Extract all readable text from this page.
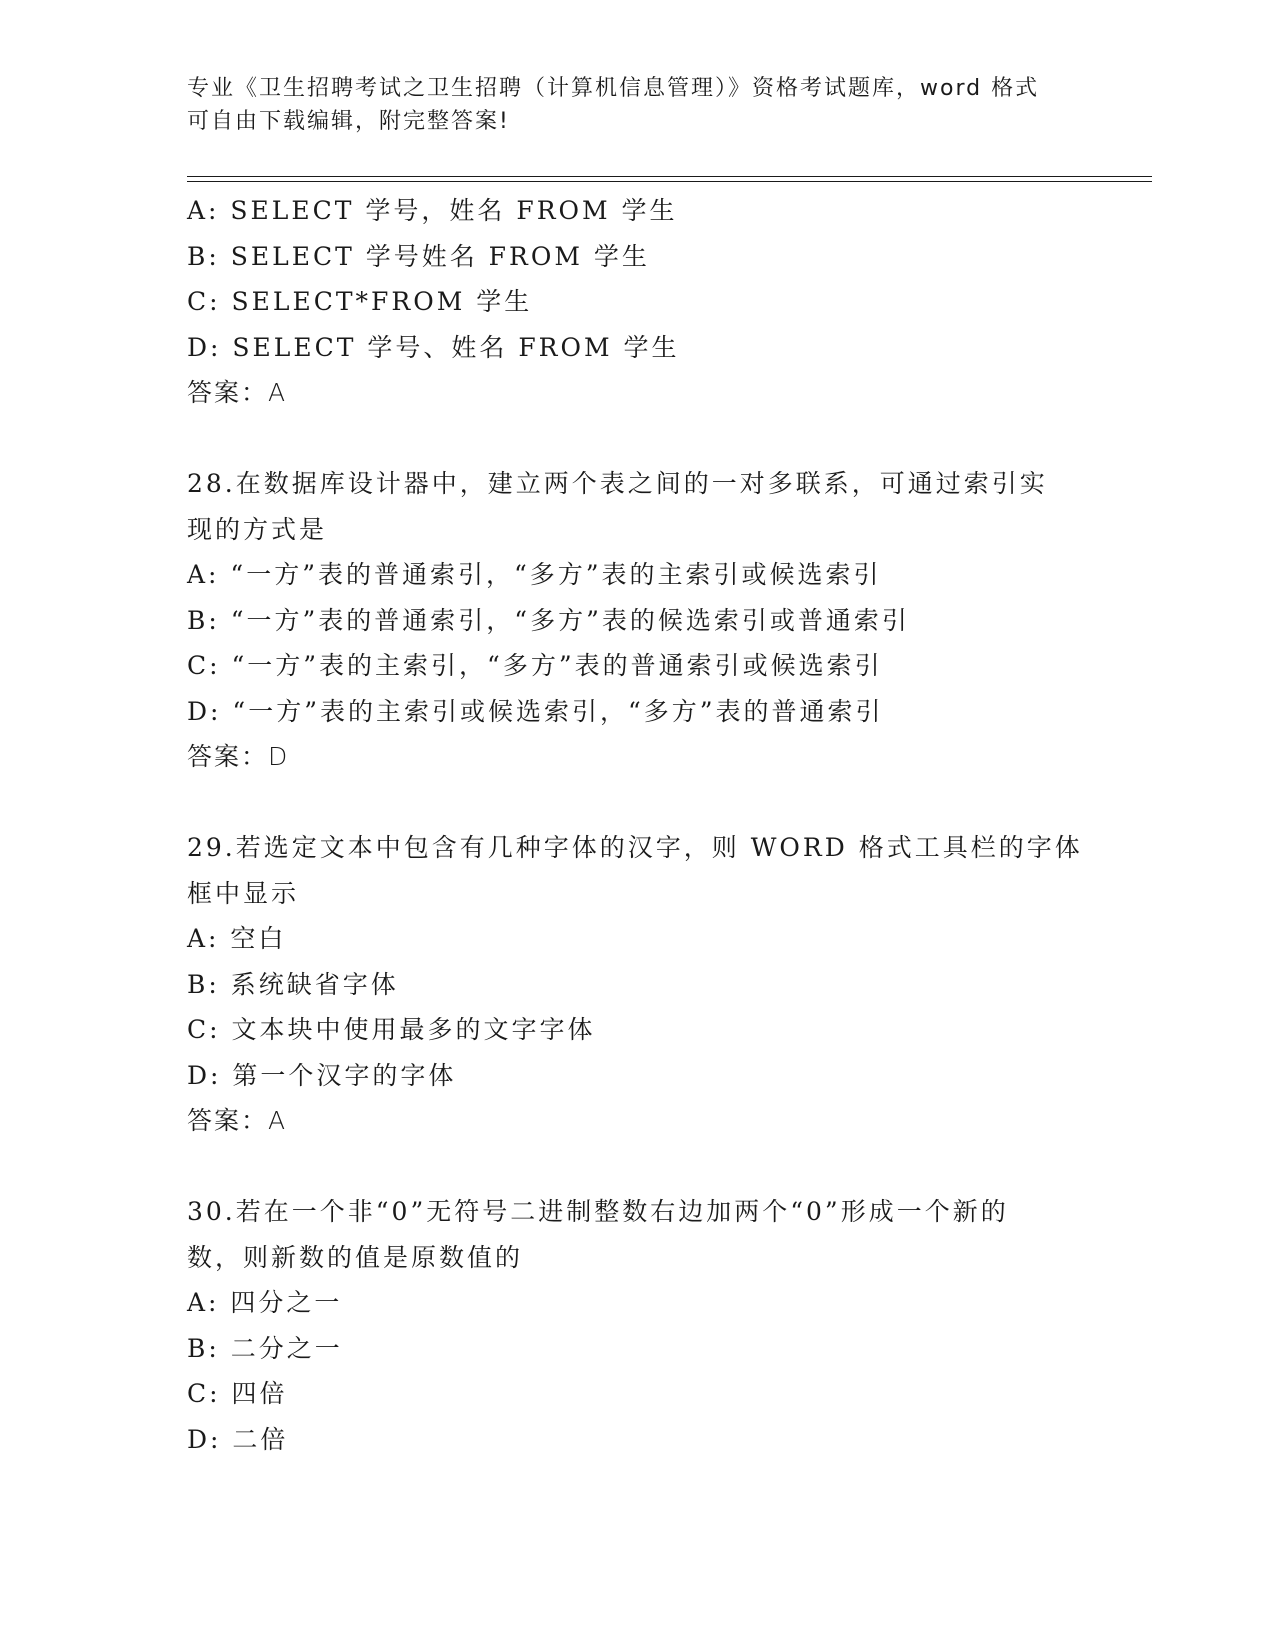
专业《卫生招聘考试之卫生招聘（计算机信息管理）》资格考试题库，word 格式
可自由下载编辑，附完整答案!
A: SELECT 学号，姓名 FROM 学生
B: SELECT 学号姓名 FROM 学生
C: SELECT*FROM 学生
D: SELECT 学号、姓名 FROM 学生
答案：A
28.在数据库设计器中，建立两个表之间的一对多联系，可通过索引实
现的方式是
A: “一方”表的普通索引，“多方”表的主索引或候选索引
B: “一方”表的普通索引，“多方”表的候选索引或普通索引
C: “一方”表的主索引，“多方”表的普通索引或候选索引
D: “一方”表的主索引或候选索引，“多方”表的普通索引
答案：D
29.若选定文本中包含有几种字体的汉字，则 WORD 格式工具栏的字体
框中显示
A: 空白
B: 系统缺省字体
C: 文本块中使用最多的文字字体
D: 第一个汉字的字体
答案：A
30.若在一个非“0”无符号二进制整数右边加两个“0”形成一个新的
数，则新数的值是原数值的
A: 四分之一
B: 二分之一
C: 四倍
D: 二倍
